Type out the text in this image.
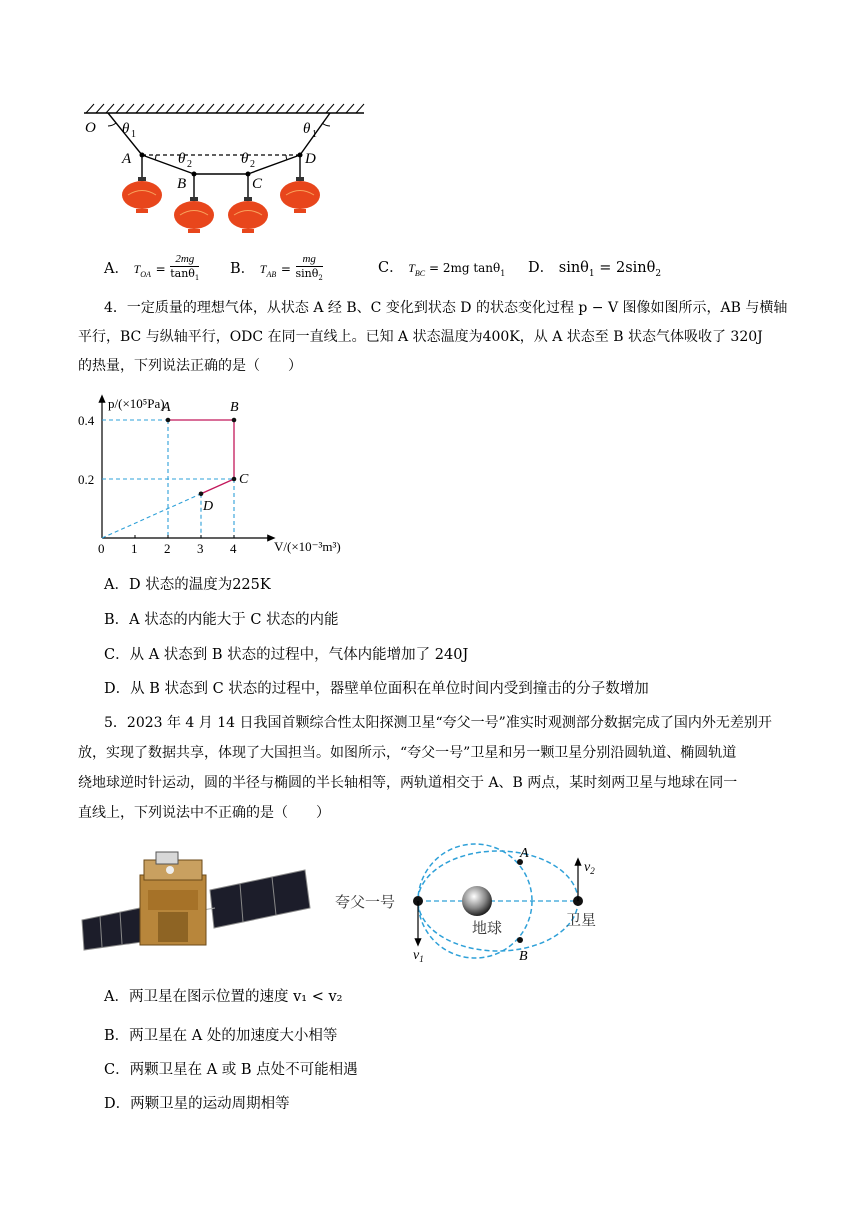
O
A
B	C
D
θ	θ
θ	θ
1	1
2	2
A． $T_{OA} = \frac{2mg}{\tan\theta_1}$ B． $T_{AB} = \frac{mg}{\sin\theta_2}$	C． $T_{BC} = 2mg$ tanθ$_1$ D． sinθ$_1$ = 2sinθ$_2$
4．一定质量的理想气体，从状态 A 经 B、C 变化到状态 D 的状态变化过程 p − V 图像如图所示，AB 与横轴
平行，BC 与纵轴平行，ODC 在同一直线上。已知 A 状态温度为400K，从 A 状态至 B 状态气体吸收了 320J
的热量，下列说法正确的是（　　）
p/(×10⁵Pa)
V/(×10⁻³m³)
A	B
C
D
0.4
0.2
0 1 2 3 4
A．D 状态的温度为225K
B．A 状态的内能大于 C 状态的内能
C．从 A 状态到 B 状态的过程中，气体内能增加了 240J
D．从 B 状态到 C 状态的过程中，器壁单位面积在单位时间内受到撞击的分子数增加
5．2023 年 4 月 14 日我国首颗综合性太阳探测卫星“夸父一号”准实时观测部分数据完成了国内外无差别开
放，实现了数据共享，体现了大国担当。如图所示，“夸父一号”卫星和另一颗卫星分别沿圆轨道、椭圆轨道
绕地球逆时针运动，圆的半径与椭圆的半长轴相等，两轨道相交于 A、B 两点，某时刻两卫星与地球在同一
直线上，下列说法中不正确的是（　　）
夸父一号
地球	卫星
A
B
$v_1$
$v_2$
A．两卫星在图示位置的速度 v₁ < v₂
B．两卫星在 A 处的加速度大小相等
C．两颗卫星在 A 或 B 点处不可能相遇
D．两颗卫星的运动周期相等
